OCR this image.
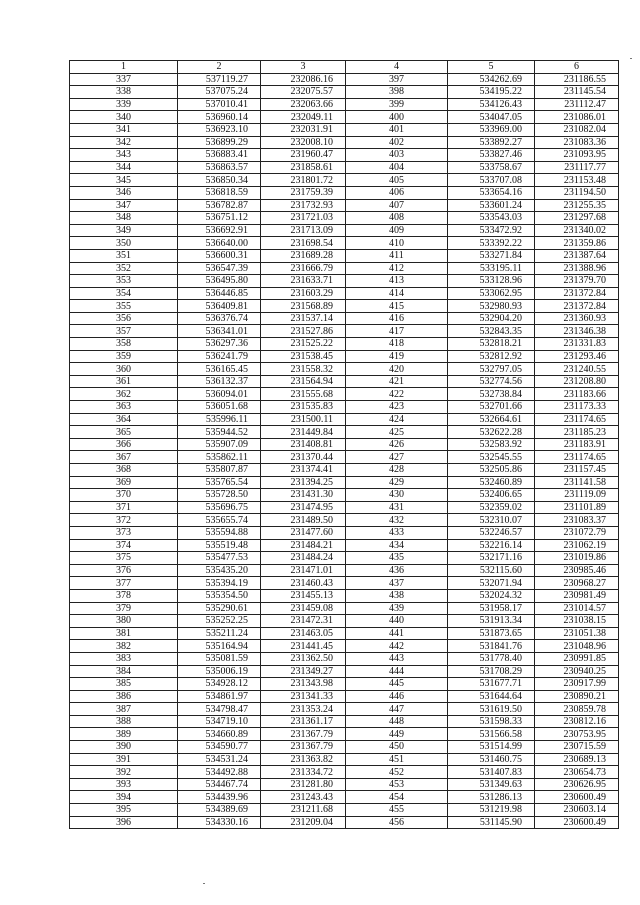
1	2	3	4	5	6
337	537119.27	232086.16	397	534262.69	231186.55
338	537075.24	232075.57	398	534195.22	231145.54
339	537010.41	232063.66	399	534126.43	231112.47
340	536960.14	232049.11	400	534047.05	231086.01
341	536923.10	232031.91	401	533969.00	231082.04
342	536899.29	232008.10	402	533892.27	231083.36
343	536883.41	231960.47	403	533827.46	231093.95
344	536863.57	231858.61	404	533758.67	231117.77
345	536850.34	231801.72	405	533707.08	231153.48
346	536818.59	231759.39	406	533654.16	231194.50
347	536782.87	231732.93	407	533601.24	231255.35
348	536751.12	231721.03	408	533543.03	231297.68
349	536692.91	231713.09	409	533472.92	231340.02
350	536640.00	231698.54	410	533392.22	231359.86
351	536600.31	231689.28	411	533271.84	231387.64
352	536547.39	231666.79	412	533195.11	231388.96
353	536495.80	231633.71	413	533128.96	231379.70
354	536446.85	231603.29	414	533062.95	231372.84
355	536409.81	231568.89	415	532980.93	231372.84
356	536376.74	231537.14	416	532904.20	231360.93
357	536341.01	231527.86	417	532843.35	231346.38
358	536297.36	231525.22	418	532818.21	231331.83
359	536241.79	231538.45	419	532812.92	231293.46
360	536165.45	231558.32	420	532797.05	231240.55
361	536132.37	231564.94	421	532774.56	231208.80
362	536094.01	231555.68	422	532738.84	231183.66
363	536051.68	231535.83	423	532701.66	231173.33
364	535996.11	231500.11	424	532664.61	231174.65
365	535944.52	231449.84	425	532622.28	231185.23
366	535907.09	231408.81	426	532583.92	231183.91
367	535862.11	231370.44	427	532545.55	231174.65
368	535807.87	231374.41	428	532505.86	231157.45
369	535765.54	231394.25	429	532460.89	231141.58
370	535728.50	231431.30	430	532406.65	231119.09
371	535696.75	231474.95	431	532359.02	231101.89
372	535655.74	231489.50	432	532310.07	231083.37
373	535594.88	231477.60	433	532246.57	231072.79
374	535519.48	231484.21	434	532216.14	231062.19
375	535477.53	231484.24	435	532171.16	231019.86
376	535435.20	231471.01	436	532115.60	230985.46
377	535394.19	231460.43	437	532071.94	230968.27
378	535354.50	231455.13	438	532024.32	230981.49
379	535290.61	231459.08	439	531958.17	231014.57
380	535252.25	231472.31	440	531913.34	231038.15
381	535211.24	231463.05	441	531873.65	231051.38
382	535164.94	231441.45	442	531841.76	231048.96
383	535081.59	231362.50	443	531778.40	230991.85
384	535006.19	231349.27	444	531708.29	230940.25
385	534928.12	231343.98	445	531677.71	230917.99
386	534861.97	231341.33	446	531644.64	230890.21
387	534798.47	231353.24	447	531619.50	230859.78
388	534719.10	231361.17	448	531598.33	230812.16
389	534660.89	231367.79	449	531566.58	230753.95
390	534590.77	231367.79	450	531514.99	230715.59
391	534531.24	231363.82	451	531460.75	230689.13
392	534492.88	231334.72	452	531407.83	230654.73
393	534467.74	231281.80	453	531349.63	230626.95
394	534439.96	231243.43	454	531286.13	230600.49
395	534389.69	231211.68	455	531219.98	230603.14
396	534330.16	231209.04	456	531145.90	230600.49
